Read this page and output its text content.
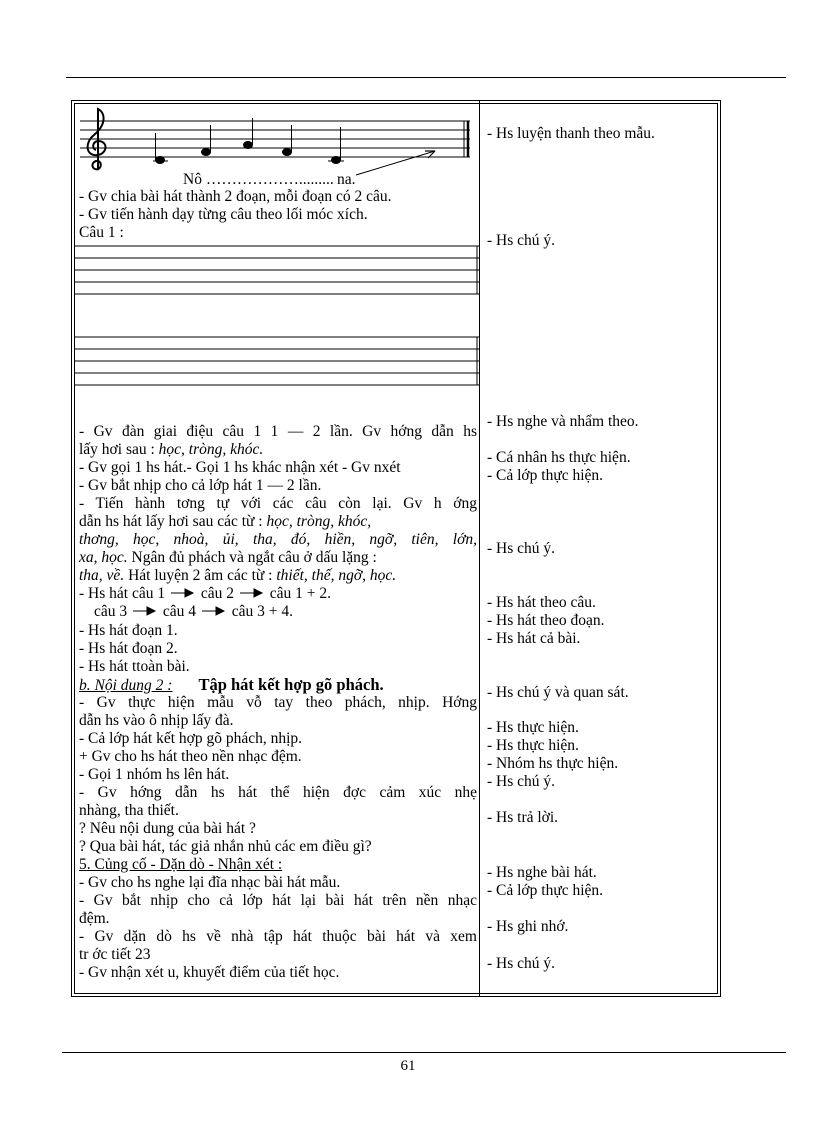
Nô ………………......... na.
- Gv chia bài hát thành 2 đoạn, mỗi đoạn có 2 câu.
- Gv tiến hành dạy từng câu theo lối móc xích.
Câu 1 :
- Gv đàn giai điệu câu 1 1 — 2 lần. Gv hớng dẫn hs
lấy hơi sau : học, tròng, khóc.
- Gv gọi 1 hs hát.- Gọi 1 hs khác nhận xét - Gv nxét
- Gv bắt nhịp cho cả lớp hát 1 — 2 lần.
- Tiến hành tơng tự với các câu còn lại. Gv h ớng
dẫn hs hát lấy hơi sau các từ : học, tròng, khóc,
thơng, học, nhoà, ủi, tha, đó, hiền, ngỡ, tiên, lớn,
xa, học. Ngân đủ phách và ngắt câu ở dấu lặng :
tha, về. Hát luyện 2 âm các từ : thiết, thế, ngỡ, học.
- Hs hát câu 1 câu 2 câu 1 + 2.
câu 3 câu 4 câu 3 + 4.
- Hs hát đoạn 1.
- Hs hát đoạn 2.
- Hs hát ttoàn bài.
b. Nội dung 2 : Tập hát kết hợp gõ phách.
- Gv thực hiện mẫu vỗ tay theo phách, nhịp. Hớng
dẫn hs vào ô nhịp lấy đà.
- Cả lớp hát kết hợp gõ phách, nhịp.
+ Gv cho hs hát theo nền nhạc đệm.
- Gọi 1 nhóm hs lên hát.
- Gv hớng dẫn hs hát thể hiện đợc cảm xúc nhẹ
nhàng, tha thiết.
? Nêu nội dung của bài hát ?
? Qua bài hát, tác giả nhắn nhủ các em điều gì?
5. Củng cố - Dặn dò - Nhận xét :
- Gv cho hs nghe lại đĩa nhạc bài hát mẫu.
- Gv bắt nhịp cho cả lớp hát lại bài hát trên nền nhạc
đệm.
- Gv dặn dò hs về nhà tập hát thuộc bài hát và xem
tr ớc tiết 23
- Gv nhận xét u, khuyết điểm của tiết học.
- Hs luyện thanh theo mẫu.
- Hs chú ý.
- Hs nghe và nhẩm theo.
- Cá nhân hs thực hiện.
- Cả lớp thực hiện.
- Hs chú ý.
- Hs hát theo câu.
- Hs hát theo đoạn.
- Hs hát cả bài.
- Hs chú ý và quan sát.
- Hs thực hiện.
- Hs thực hiện.
- Nhóm hs thực hiện.
- Hs chú ý.
- Hs trả lời.
- Hs nghe bài hát.
- Cả lớp thực hiện.
- Hs ghi nhớ.
- Hs chú ý.
61
